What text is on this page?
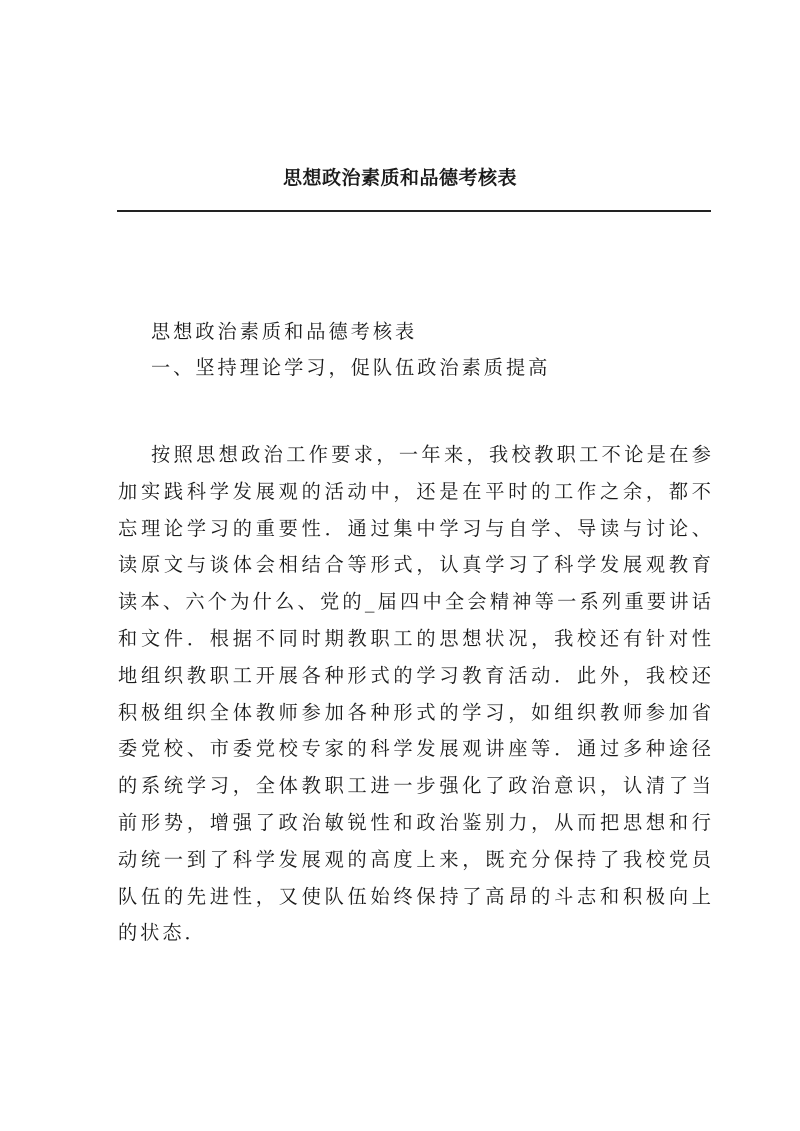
思想政治素质和品德考核表

思想政治素质和品德考核表

一、坚持理论学习，促队伍政治素质提高

按照思想政治工作要求，一年来，我校教职工不论是在参加实践科学发展观的活动中，还是在平时的工作之余，都不忘理论学习的重要性．通过集中学习与自学、导读与讨论、读原文与谈体会相结合等形式，认真学习了科学发展观教育读本、六个为什么、党的_届四中全会精神等一系列重要讲话和文件．根据不同时期教职工的思想状况，我校还有针对性地组织教职工开展各种形式的学习教育活动．此外，我校还积极组织全体教师参加各种形式的学习，如组织教师参加省委党校、市委党校专家的科学发展观讲座等．通过多种途径的系统学习，全体教职工进一步强化了政治意识，认清了当前形势，增强了政治敏锐性和政治鉴别力，从而把思想和行动统一到了科学发展观的高度上来，既充分保持了我校党员队伍的先进性，又使队伍始终保持了高昂的斗志和积极向上的状态．
